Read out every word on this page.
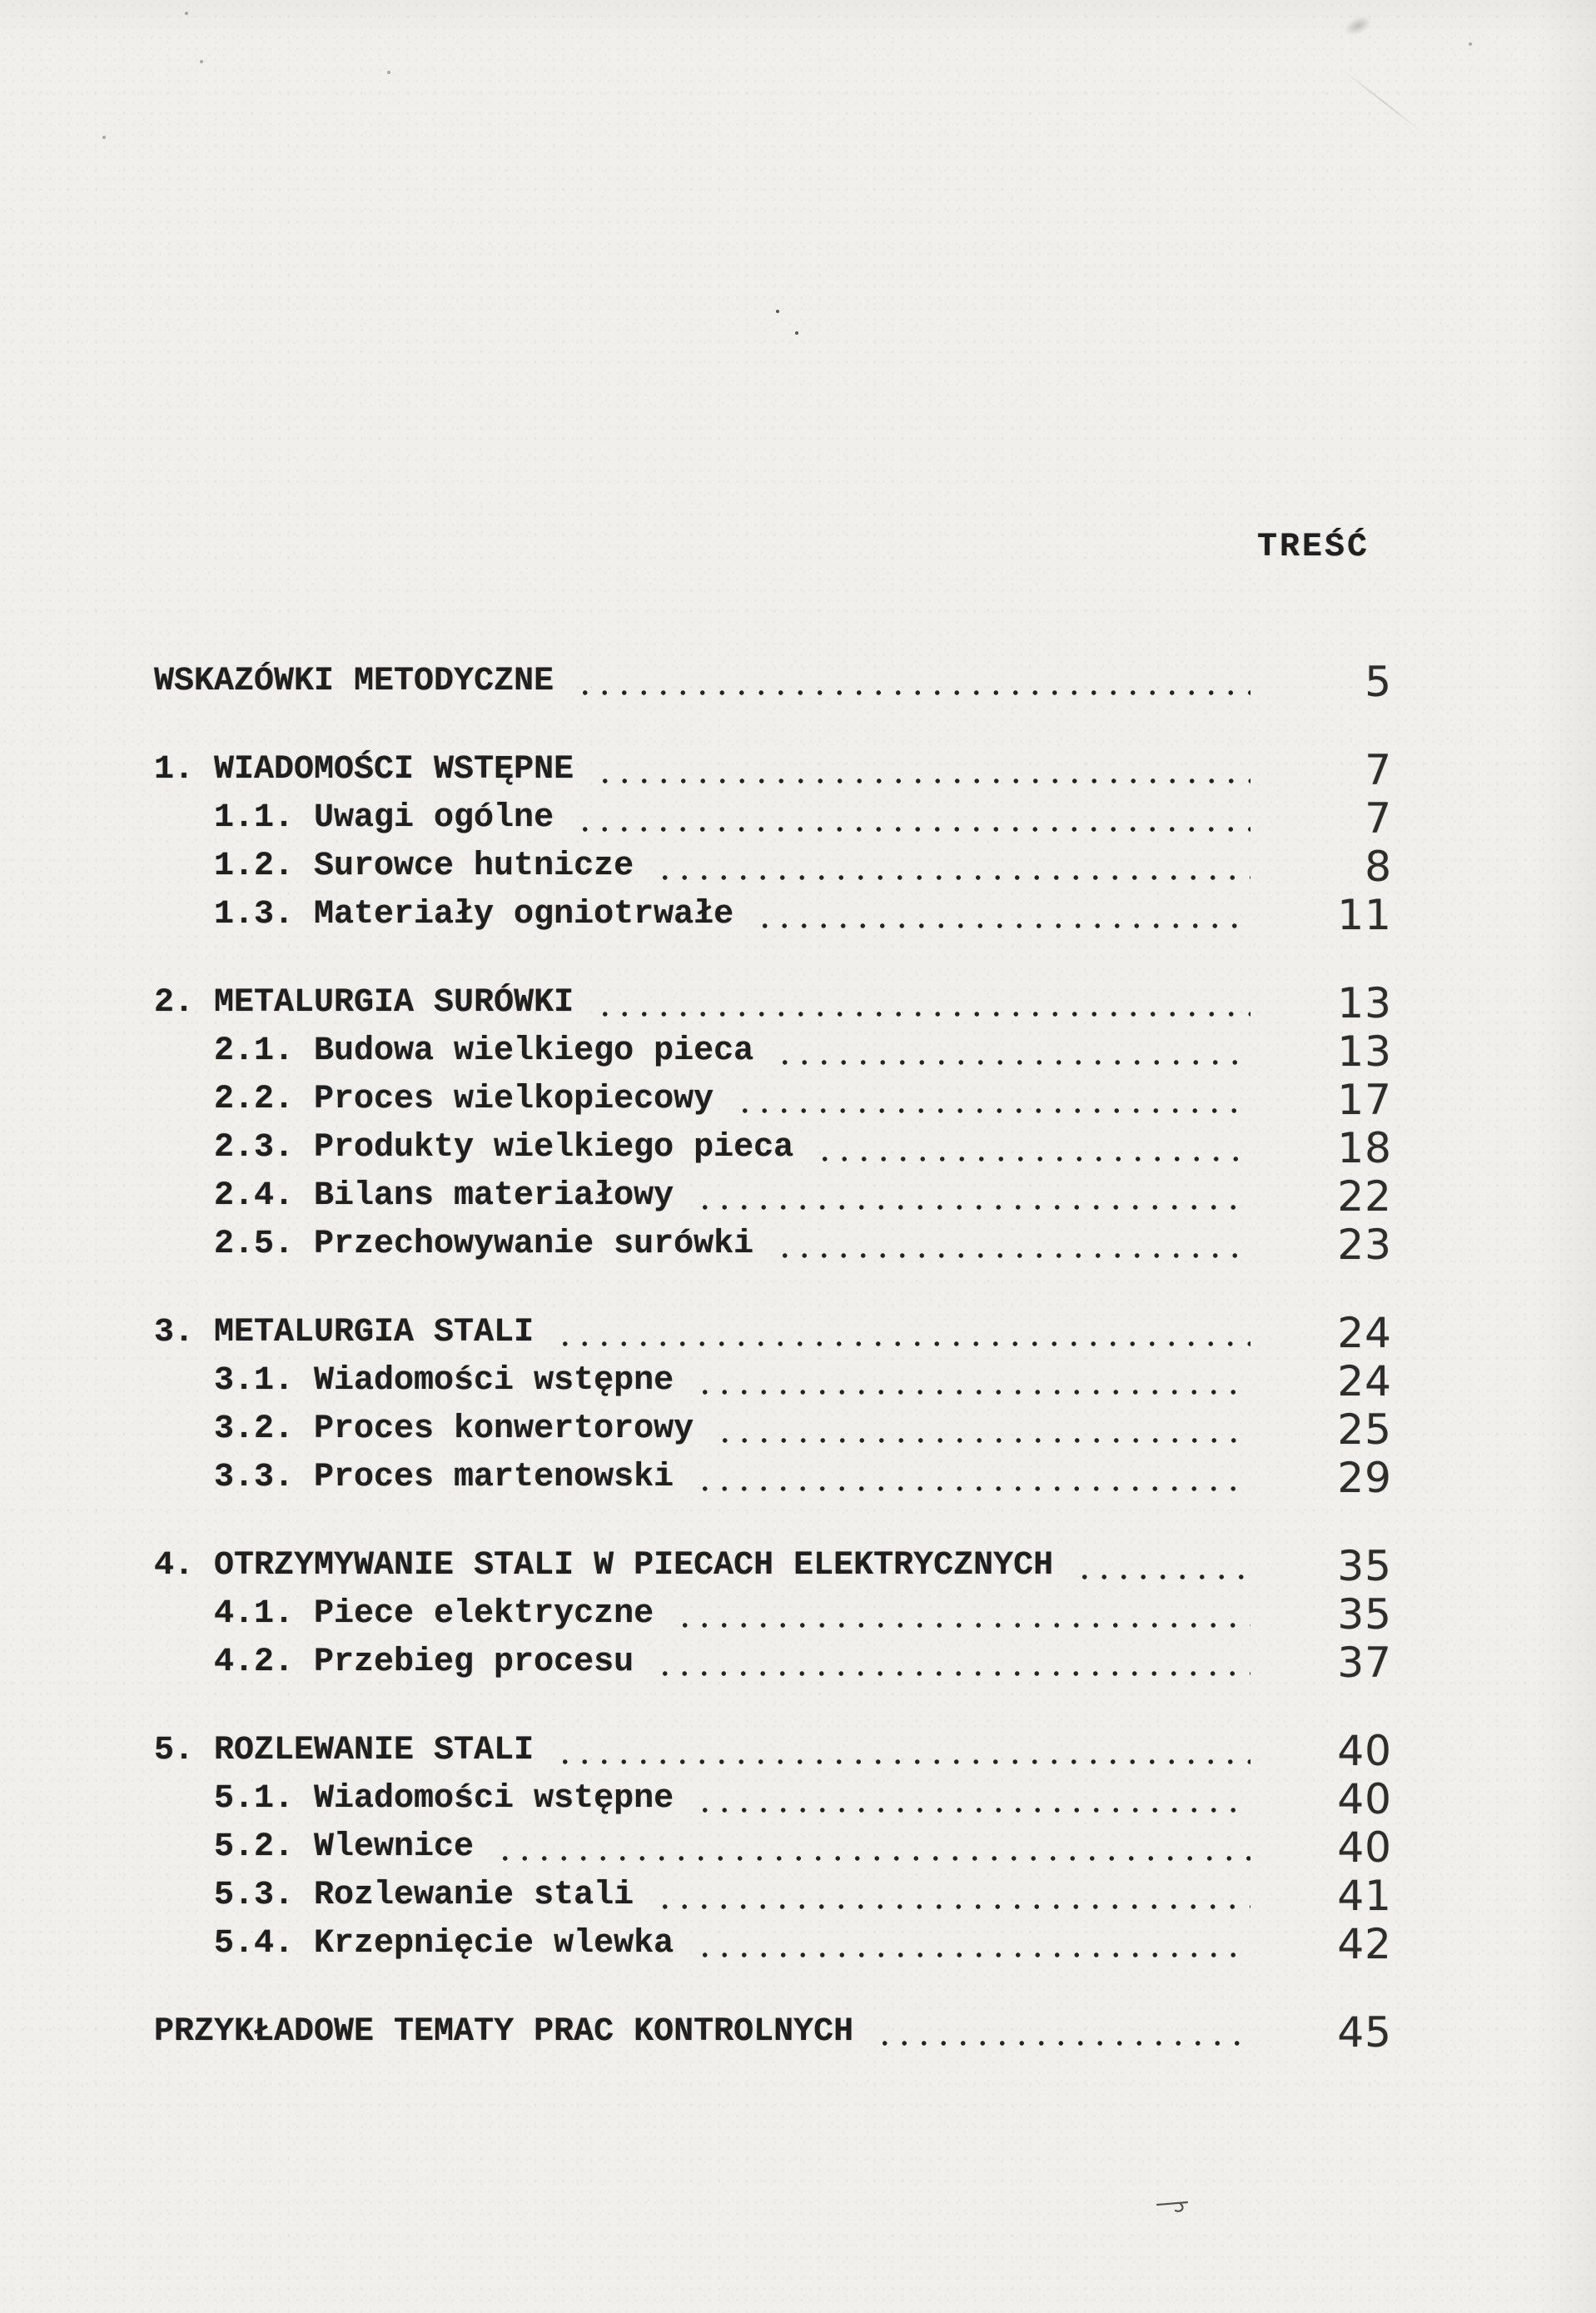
TREŚĆ
WSKAZÓWKI METODYCZNE	5
1. WIADOMOŚCI WSTĘPNE	7
1.1. Uwagi ogólne	7
1.2. Surowce hutnicze	8
1.3. Materiały ogniotrwałe	11
2. METALURGIA SURÓWKI	13
2.1. Budowa wielkiego pieca	13
2.2. Proces wielkopiecowy	17
2.3. Produkty wielkiego pieca	18
2.4. Bilans materiałowy	22
2.5. Przechowywanie surówki	23
3. METALURGIA STALI	24
3.1. Wiadomości wstępne	24
3.2. Proces konwertorowy	25
3.3. Proces martenowski	29
4. OTRZYMYWANIE STALI W PIECACH ELEKTRYCZNYCH	35
4.1. Piece elektryczne	35
4.2. Przebieg procesu	37
5. ROZLEWANIE STALI	40
5.1. Wiadomości wstępne	40
5.2. Wlewnice	40
5.3. Rozlewanie stali	41
5.4. Krzepnięcie wlewka	42
PRZYKŁADOWE TEMATY PRAC KONTROLNYCH	45
